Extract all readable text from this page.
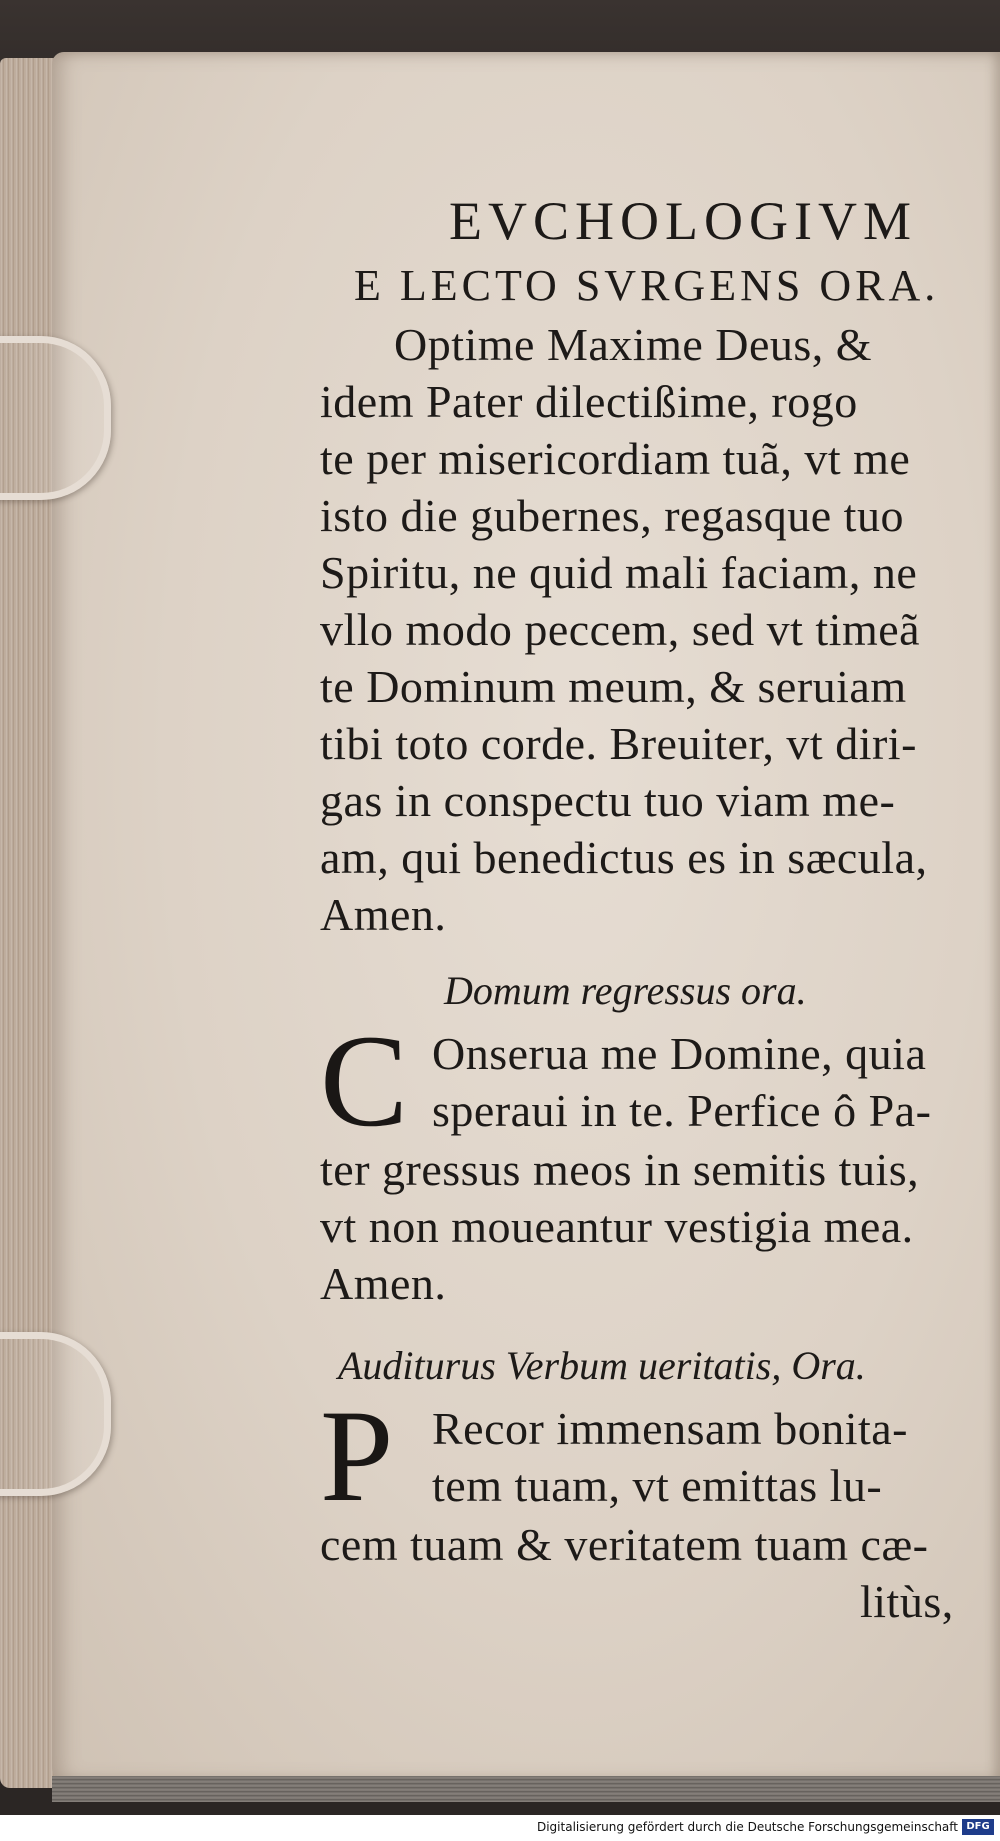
EVCHOLOGIVM
E LECTO SVRGENS ORA.
Optime Maxime Deus, &
idem Pater dilectißime, rogo
te per misericordiam tuã, vt me
isto die gubernes, regasque tuo
Spiritu, ne quid mali faciam, ne
vllo modo peccem, sed vt timeã
te Dominum meum, & seruiam
tibi toto corde. Breuiter, vt diri-
gas in conspectu tuo viam me-
am, qui benedictus es in sæcula,
Amen.
Domum regressus ora.
C Onserua me Domine, quia
speraui in te. Perfice ô Pa-
ter gressus meos in semitis tuis,
vt non moueantur vestigia mea.
Amen.
Auditurus Verbum ueritatis, Ora.
P Recor immensam bonita-
tem tuam, vt emittas lu-
cem tuam & veritatem tuam cæ-
litùs,
Digitalisierung gefördert durch die Deutsche Forschungsgemeinschaft DFG
